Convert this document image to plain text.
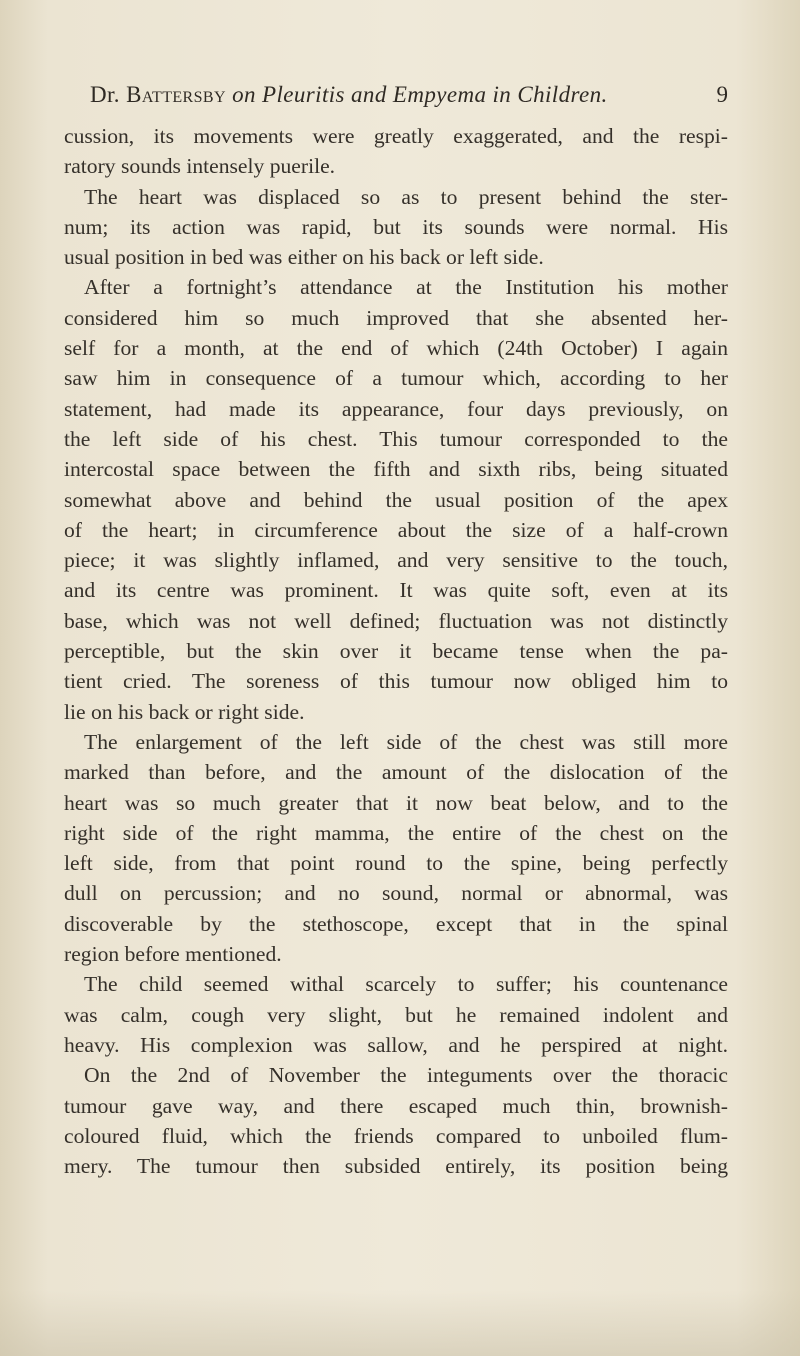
Dr. Battersby on Pleuritis and Empyema in Children.	9
cussion, its movements were greatly exaggerated, and the respi-
ratory sounds intensely puerile.
The heart was displaced so as to present behind the ster-
num; its action was rapid, but its sounds were normal. His
usual position in bed was either on his back or left side.
After a fortnight’s attendance at the Institution his mother
considered him so much improved that she absented her-
self for a month, at the end of which (24th October) I again
saw him in consequence of a tumour which, according to her
statement, had made its appearance, four days previously, on
the left side of his chest. This tumour corresponded to the
intercostal space between the fifth and sixth ribs, being situated
somewhat above and behind the usual position of the apex
of the heart; in circumference about the size of a half-crown
piece; it was slightly inflamed, and very sensitive to the touch,
and its centre was prominent. It was quite soft, even at its
base, which was not well defined; fluctuation was not distinctly
perceptible, but the skin over it became tense when the pa-
tient cried. The soreness of this tumour now obliged him to
lie on his back or right side.
The enlargement of the left side of the chest was still more
marked than before, and the amount of the dislocation of the
heart was so much greater that it now beat below, and to the
right side of the right mamma, the entire of the chest on the
left side, from that point round to the spine, being perfectly
dull on percussion; and no sound, normal or abnormal, was
discoverable by the stethoscope, except that in the spinal
region before mentioned.
The child seemed withal scarcely to suffer; his countenance
was calm, cough very slight, but he remained indolent and
heavy. His complexion was sallow, and he perspired at night.
On the 2nd of November the integuments over the thoracic
tumour gave way, and there escaped much thin, brownish-
coloured fluid, which the friends compared to unboiled flum-
mery. The tumour then subsided entirely, its position being
